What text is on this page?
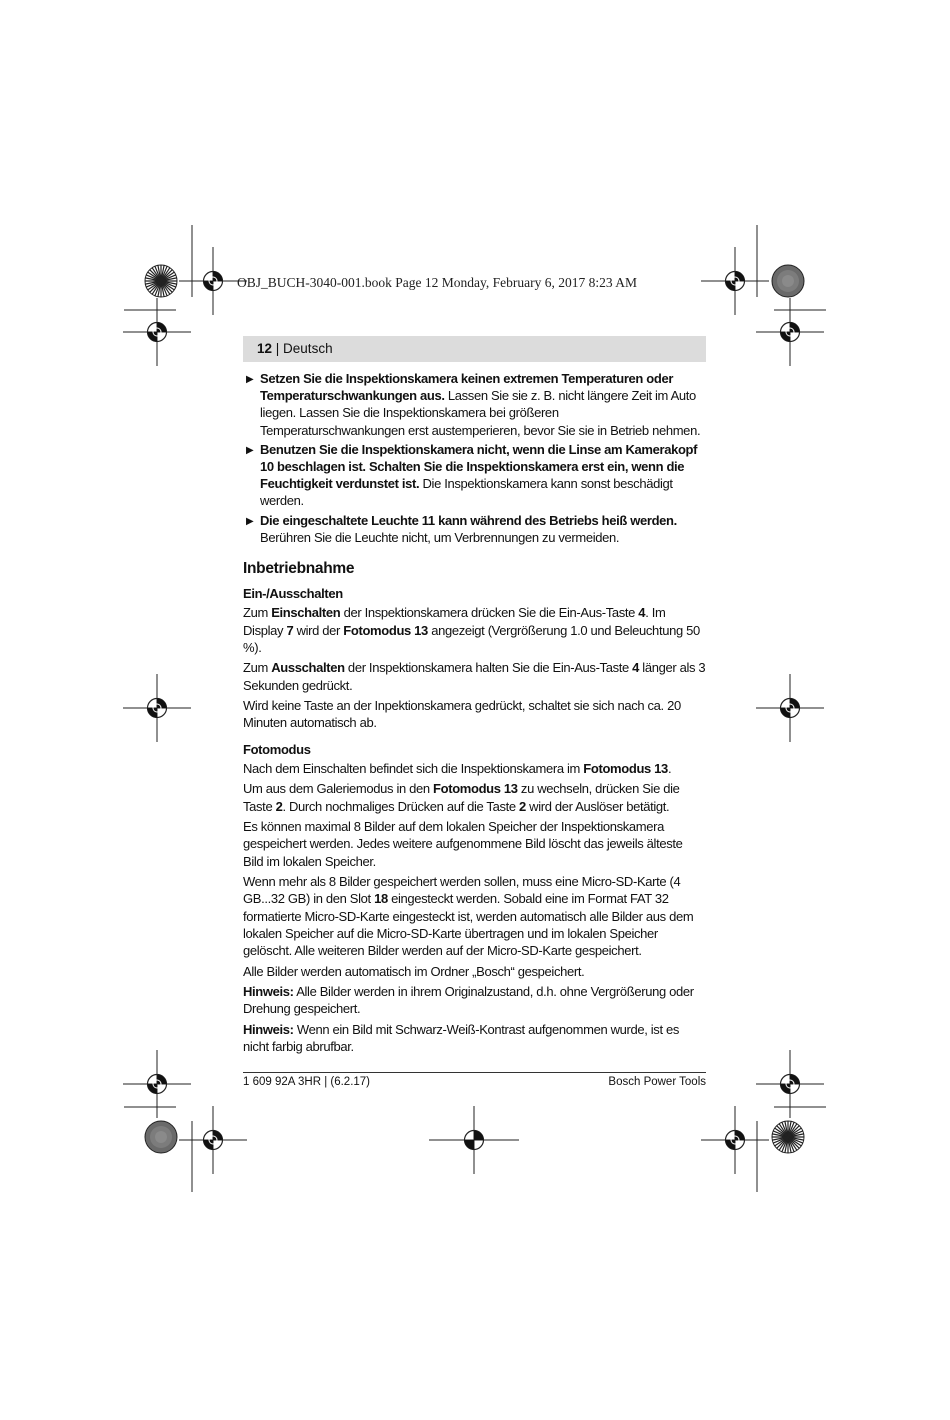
OBJ_BUCH-3040-001.book Page 12 Monday, February 6, 2017 8:23 AM
12 | Deutsch
▶ Setzen Sie die Inspektionskamera keinen extremen Temperaturen oder Temperaturschwankungen aus. Lassen Sie sie z. B. nicht längere Zeit im Auto liegen. Lassen Sie die Inspektionskamera bei größeren Temperaturschwankungen erst austemperieren, bevor Sie sie in Betrieb nehmen.
▶ Benutzen Sie die Inspektionskamera nicht, wenn die Linse am Kamerakopf 10 beschlagen ist. Schalten Sie die Inspektionskamera erst ein, wenn die Feuchtigkeit verdunstet ist. Die Inspektionskamera kann sonst beschädigt werden.
▶ Die eingeschaltete Leuchte 11 kann während des Betriebs heiß werden. Berühren Sie die Leuchte nicht, um Verbrennungen zu vermeiden.
Inbetriebnahme
Ein-/Ausschalten

Zum Einschalten der Inspektionskamera drücken Sie die Ein-Aus-Taste 4. Im Display 7 wird der Fotomodus 13 angezeigt (Vergrößerung 1.0 und Beleuchtung 50 %).

Zum Ausschalten der Inspektionskamera halten Sie die Ein-Aus-Taste 4 länger als 3 Sekunden gedrückt.

Wird keine Taste an der Inpektionskamera gedrückt, schaltet sie sich nach ca. 20 Minuten automatisch ab.

Fotomodus

Nach dem Einschalten befindet sich die Inspektionskamera im Fotomodus 13.

Um aus dem Galeriemodus in den Fotomodus 13 zu wechseln, drücken Sie die Taste 2. Durch nochmaliges Drücken auf die Taste 2 wird der Auslöser betätigt.

Es können maximal 8 Bilder auf dem lokalen Speicher der Inspektionskamera gespeichert werden. Jedes weitere aufgenommene Bild löscht das jeweils älteste Bild im lokalen Speicher.

Wenn mehr als 8 Bilder gespeichert werden sollen, muss eine Micro-SD-Karte (4 GB...32 GB) in den Slot 18 eingesteckt werden. Sobald eine im Format FAT 32 formatierte Micro-SD-Karte eingesteckt ist, werden automatisch alle Bilder aus dem lokalen Speicher auf die Micro-SD-Karte übertragen und im lokalen Speicher gelöscht. Alle weiteren Bilder werden auf der Micro-SD-Karte gespeichert.

Alle Bilder werden automatisch im Ordner „Bosch“ gespeichert.

Hinweis: Alle Bilder werden in ihrem Originalzustand, d.h. ohne Vergrößerung oder Drehung gespeichert.

Hinweis: Wenn ein Bild mit Schwarz-Weiß-Kontrast aufgenommen wurde, ist es nicht farbig abrufbar.

1 609 92A 3HR | (6.2.17)	Bosch Power Tools
